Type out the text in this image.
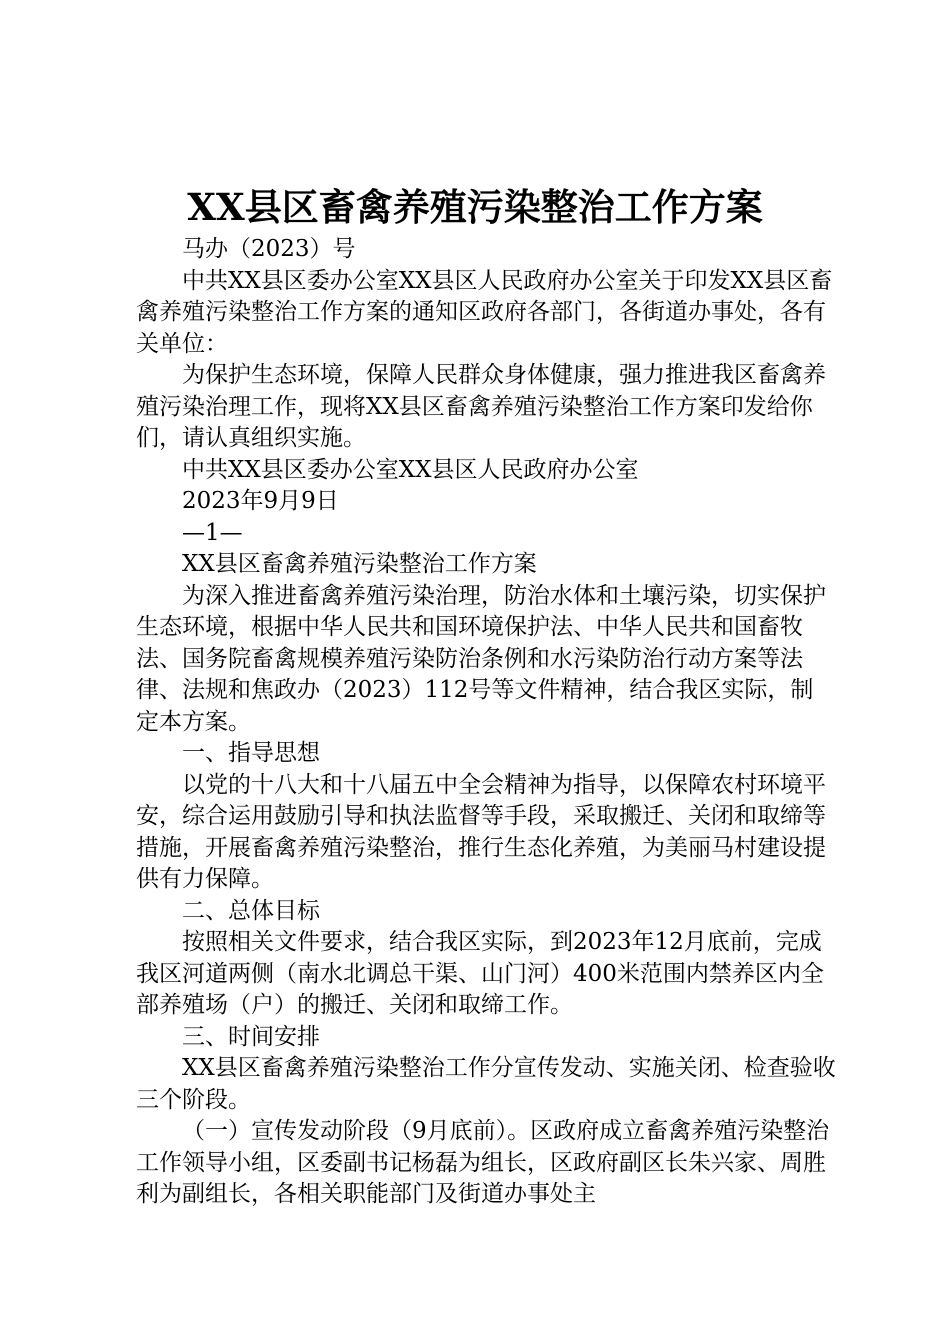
XX县区畜禽养殖污染整治工作方案

马办（2023）号

中共XX县区委办公室XX县区人民政府办公室关于印发XX县区畜禽养殖污染整治工作方案的通知区政府各部门，各街道办事处，各有关单位：

为保护生态环境，保障人民群众身体健康，强力推进我区畜禽养殖污染治理工作，现将XX县区畜禽养殖污染整治工作方案印发给你们，请认真组织实施。

中共XX县区委办公室XX县区人民政府办公室

2023年9月9日

—1—

XX县区畜禽养殖污染整治工作方案

为深入推进畜禽养殖污染治理，防治水体和土壤污染，切实保护生态环境，根据中华人民共和国环境保护法、中华人民共和国畜牧法、国务院畜禽规模养殖污染防治条例和水污染防治行动方案等法律、法规和焦政办（2023）112号等文件精神，结合我区实际，制定本方案。

一、指导思想

以党的十八大和十八届五中全会精神为指导，以保障农村环境平安，综合运用鼓励引导和执法监督等手段，采取搬迁、关闭和取缔等措施，开展畜禽养殖污染整治，推行生态化养殖，为美丽马村建设提供有力保障。

二、总体目标

按照相关文件要求，结合我区实际，到2023年12月底前，完成我区河道两侧（南水北调总干渠、山门河）400米范围内禁养区内全部养殖场（户）的搬迁、关闭和取缔工作。

三、时间安排

XX县区畜禽养殖污染整治工作分宣传发动、实施关闭、检查验收三个阶段。

（一）宣传发动阶段（9月底前）。区政府成立畜禽养殖污染整治工作领导小组，区委副书记杨磊为组长，区政府副区长朱兴家、周胜利为副组长，各相关职能部门及街道办事处主
